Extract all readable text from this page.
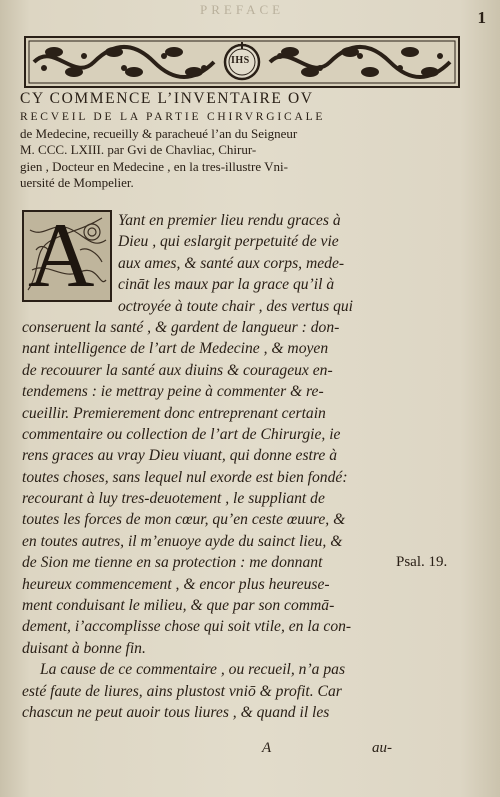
PREFACE	1
IHS
CY COMMENCE L’INVENTAIRE OV
RECVEIL DE LA PARTIE CHIRVRGICALE
de Medecine, recueilly & paracheué l’an du Seigneur
M. CCC. LXIII. par Gvi de Chavliac, Chirur-
gien , Docteur en Medecine , en la tres-illustre Vni-
uersité de Mompelier.
A	Yant en premier lieu rendu graces à
Dieu , qui eslargit perpetuité de vie
aux ames, & santé aux corps, mede-
cināt les maux par la grace qu’il à
octroyée à toute chair , des vertus qui
conseruent la santé , & gardent de langueur : don-
nant intelligence de l’art de Medecine , & moyen
de recouurer la santé aux diuins & courageux en-
tendemens : ie mettray peine à commenter & re-
cueillir. Premierement donc entreprenant certain
commentaire ou collection de l’art de Chirurgie, ie
rens graces au vray Dieu viuant, qui donne estre à
toutes choses, sans lequel nul exorde est bien fondé:
recourant à luy tres-deuotement , le suppliant de
toutes les forces de mon cœur, qu’en ceste œuure, &
en toutes autres, il m’enuoye ayde du sainct lieu, &
de Sion me tienne en sa protection : me donnant
heureux commencement , & encor plus heureuse-
ment conduisant le milieu, & que par son commā-
dement, i’accomplisse chose qui soit vtile, en la con-
duisant à bonne fin.
La cause de ce commentaire , ou recueil, n’a pas
esté faute de liures, ains plustost vniō & profit. Car
chascun ne peut auoir tous liures , & quand il les
Psal. 19.
A	au-
